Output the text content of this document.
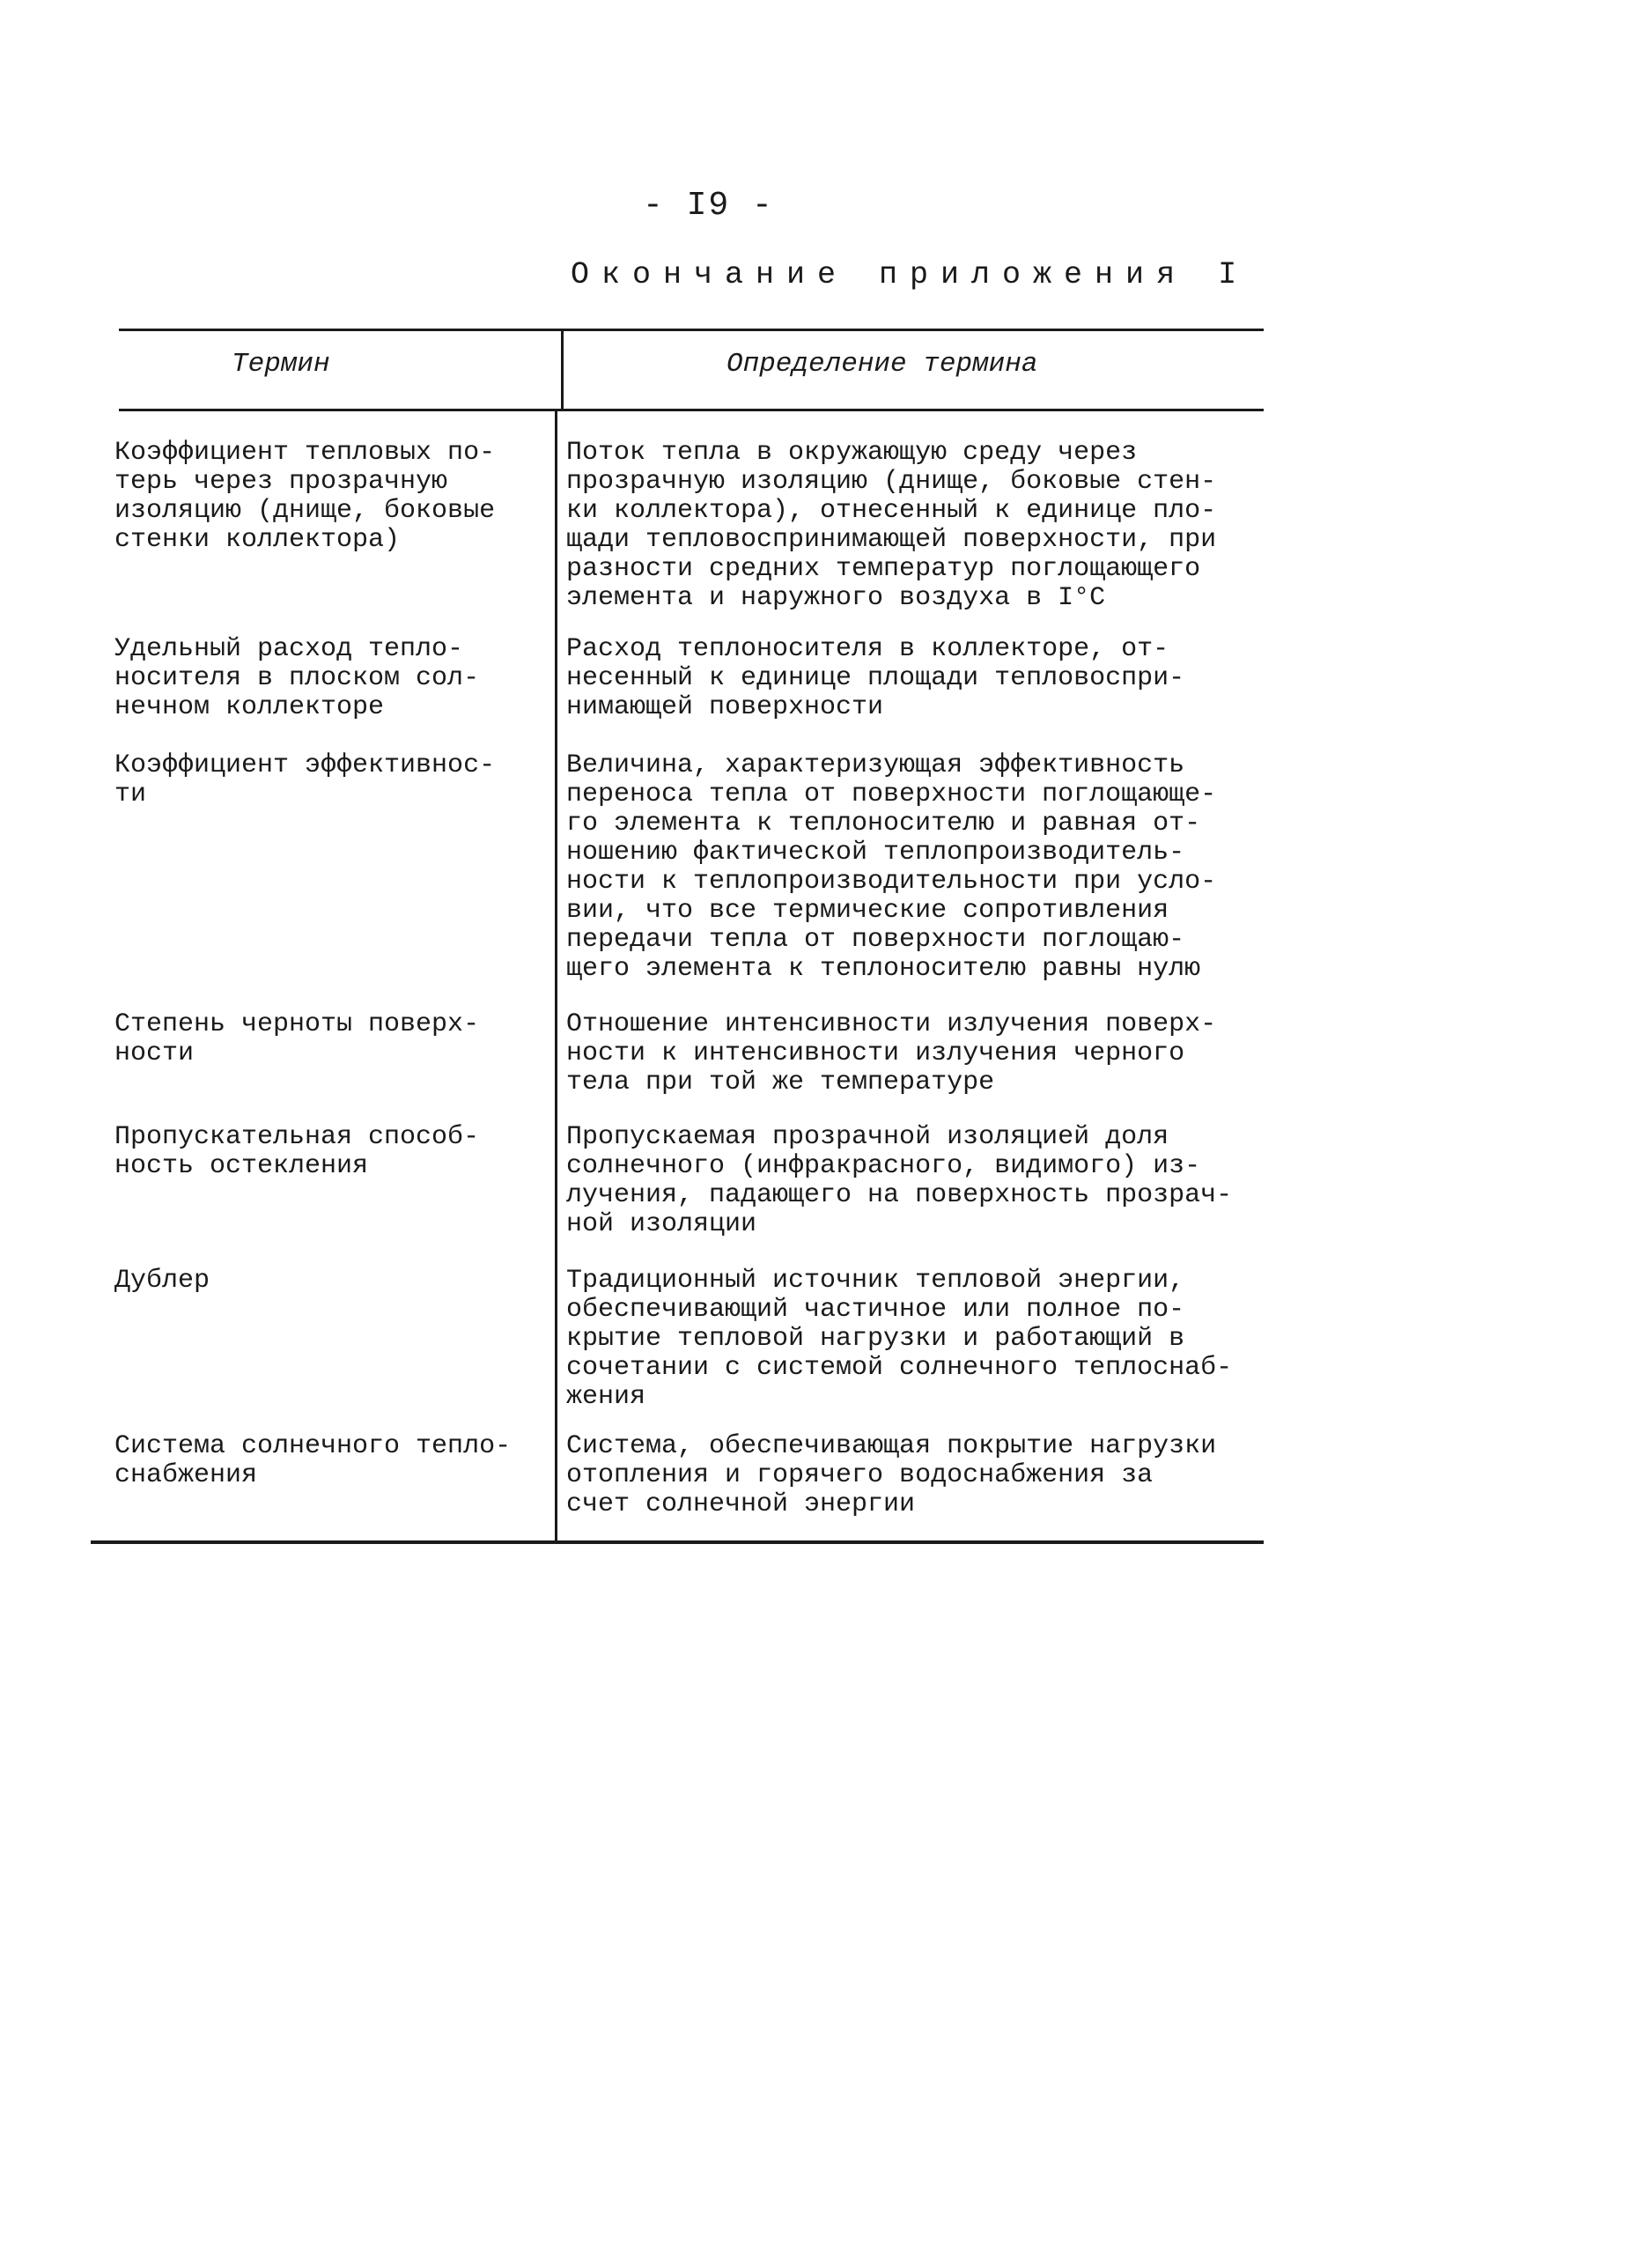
- I9 -
Окончание приложения I
Термин	Определение термина
Коэффициент тепловых по-
терь через прозрачную
изоляцию (днище, боковые
стенки коллектора)
Поток тепла в окружающую среду через
прозрачную изоляцию (днище, боковые стен-
ки коллектора), отнесенный к единице пло-
щади тепловоспринимающей поверхности, при
разности средних температур поглощающего
элемента и наружного воздуха в I°С
Удельный расход тепло-
носителя в плоском сол-
нечном коллекторе
Расход теплоносителя в коллекторе, от-
несенный к единице площади тепловоспри-
нимающей поверхности
Коэффициент эффективнос-
ти
Величина, характеризующая эффективность
переноса тепла от поверхности поглощающе-
го элемента к теплоносителю и равная от-
ношению фактической теплопроизводитель-
ности к теплопроизводительности при усло-
вии, что все термические сопротивления
передачи тепла от поверхности поглощаю-
щего элемента к теплоносителю равны нулю
Степень черноты поверх-
ности
Отношение интенсивности излучения поверх-
ности к интенсивности излучения черного
тела при той же температуре
Пропускательная способ-
ность остекления
Пропускаемая прозрачной изоляцией доля
солнечного (инфракрасного, видимого) из-
лучения, падающего на поверхность прозрач-
ной изоляции
Дублер	Традиционный источник тепловой энергии,
обеспечивающий частичное или полное по-
крытие тепловой нагрузки и работающий в
сочетании с системой солнечного теплоснаб-
жения
Система солнечного тепло-
снабжения
Система, обеспечивающая покрытие нагрузки
отопления и горячего водоснабжения за
счет солнечной энергии
